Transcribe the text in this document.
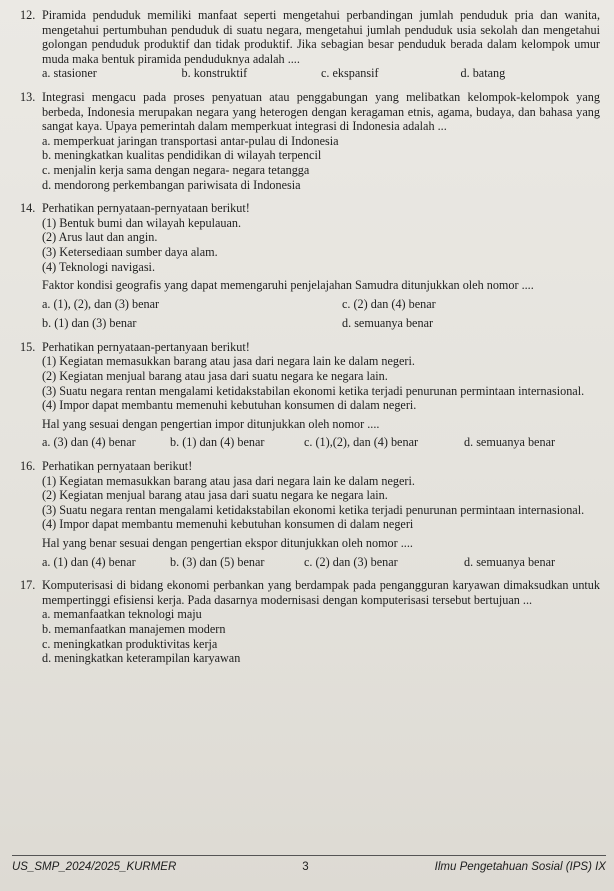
12. Piramida penduduk memiliki manfaat seperti mengetahui perbandingan jumlah penduduk pria dan wanita, mengetahui pertumbuhan penduduk di suatu negara, mengetahui jumlah penduduk usia sekolah dan mengetahui golongan penduduk produktif dan tidak produktif. Jika sebagian besar penduduk berada dalam kelompok umur muda maka bentuk piramida penduduknya adalah ....
a. stasioner	b. konstruktif	c. ekspansif	d. batang
13. Integrasi mengacu pada proses penyatuan atau penggabungan yang melibatkan kelompok-kelompok yang berbeda, Indonesia merupakan negara yang heterogen dengan keragaman etnis, agama, budaya, dan bahasa yang sangat kaya. Upaya pemerintah dalam memperkuat integrasi di Indonesia adalah ...
a. memperkuat jaringan transportasi antar-pulau di Indonesia
b. meningkatkan kualitas pendidikan di wilayah terpencil
c. menjalin kerja sama dengan negara- negara tetangga
d. mendorong perkembangan pariwisata di Indonesia
14. Perhatikan pernyataan-pernyataan berikut!
(1) Bentuk bumi dan wilayah kepulauan.
(2) Arus laut dan angin.
(3) Ketersediaan sumber daya alam.
(4) Teknologi navigasi.
Faktor kondisi geografis yang dapat memengaruhi penjelajahan Samudra ditunjukkan oleh nomor ....
a. (1), (2), dan (3) benar	c. (2) dan (4) benar
b. (1) dan (3) benar	d. semuanya benar
15. Perhatikan pernyataan-pertanyaan berikut!
(1) Kegiatan memasukkan barang atau jasa dari negara lain ke dalam negeri.
(2) Kegiatan menjual barang atau jasa dari suatu negara ke negara lain.
(3) Suatu negara rentan mengalami ketidakstabilan ekonomi ketika terjadi penurunan permintaan internasional.
(4) Impor dapat membantu memenuhi kebutuhan konsumen di dalam negeri.
Hal yang sesuai dengan pengertian impor ditunjukkan oleh nomor ....
a. (3) dan (4) benar	b. (1) dan (4) benar	c. (1),(2), dan (4) benar	d. semuanya benar
16. Perhatikan pernyataan berikut!
(1) Kegiatan memasukkan barang atau jasa dari negara lain ke dalam negeri.
(2) Kegiatan menjual barang atau jasa dari suatu negara ke negara lain.
(3) Suatu negara rentan mengalami ketidakstabilan ekonomi ketika terjadi penurunan permintaan internasional.
(4) Impor dapat membantu memenuhi kebutuhan konsumen di dalam negeri
Hal yang benar sesuai dengan pengertian ekspor ditunjukkan oleh nomor ....
a. (1) dan (4) benar	b. (3) dan (5) benar	c. (2) dan (3) benar	d. semuanya benar
17. Komputerisasi di bidang ekonomi perbankan yang berdampak pada pengangguran karyawan dimaksudkan untuk mempertinggi efisiensi kerja. Pada dasarnya modernisasi dengan komputerisasi tersebut bertujuan ...
a. memanfaatkan teknologi maju
b. memanfaatkan manajemen modern
c. meningkatkan produktivitas kerja
d. meningkatkan keterampilan karyawan
US_SMP_2024/2025_KURMER	3	Ilmu Pengetahuan Sosial (IPS) IX
